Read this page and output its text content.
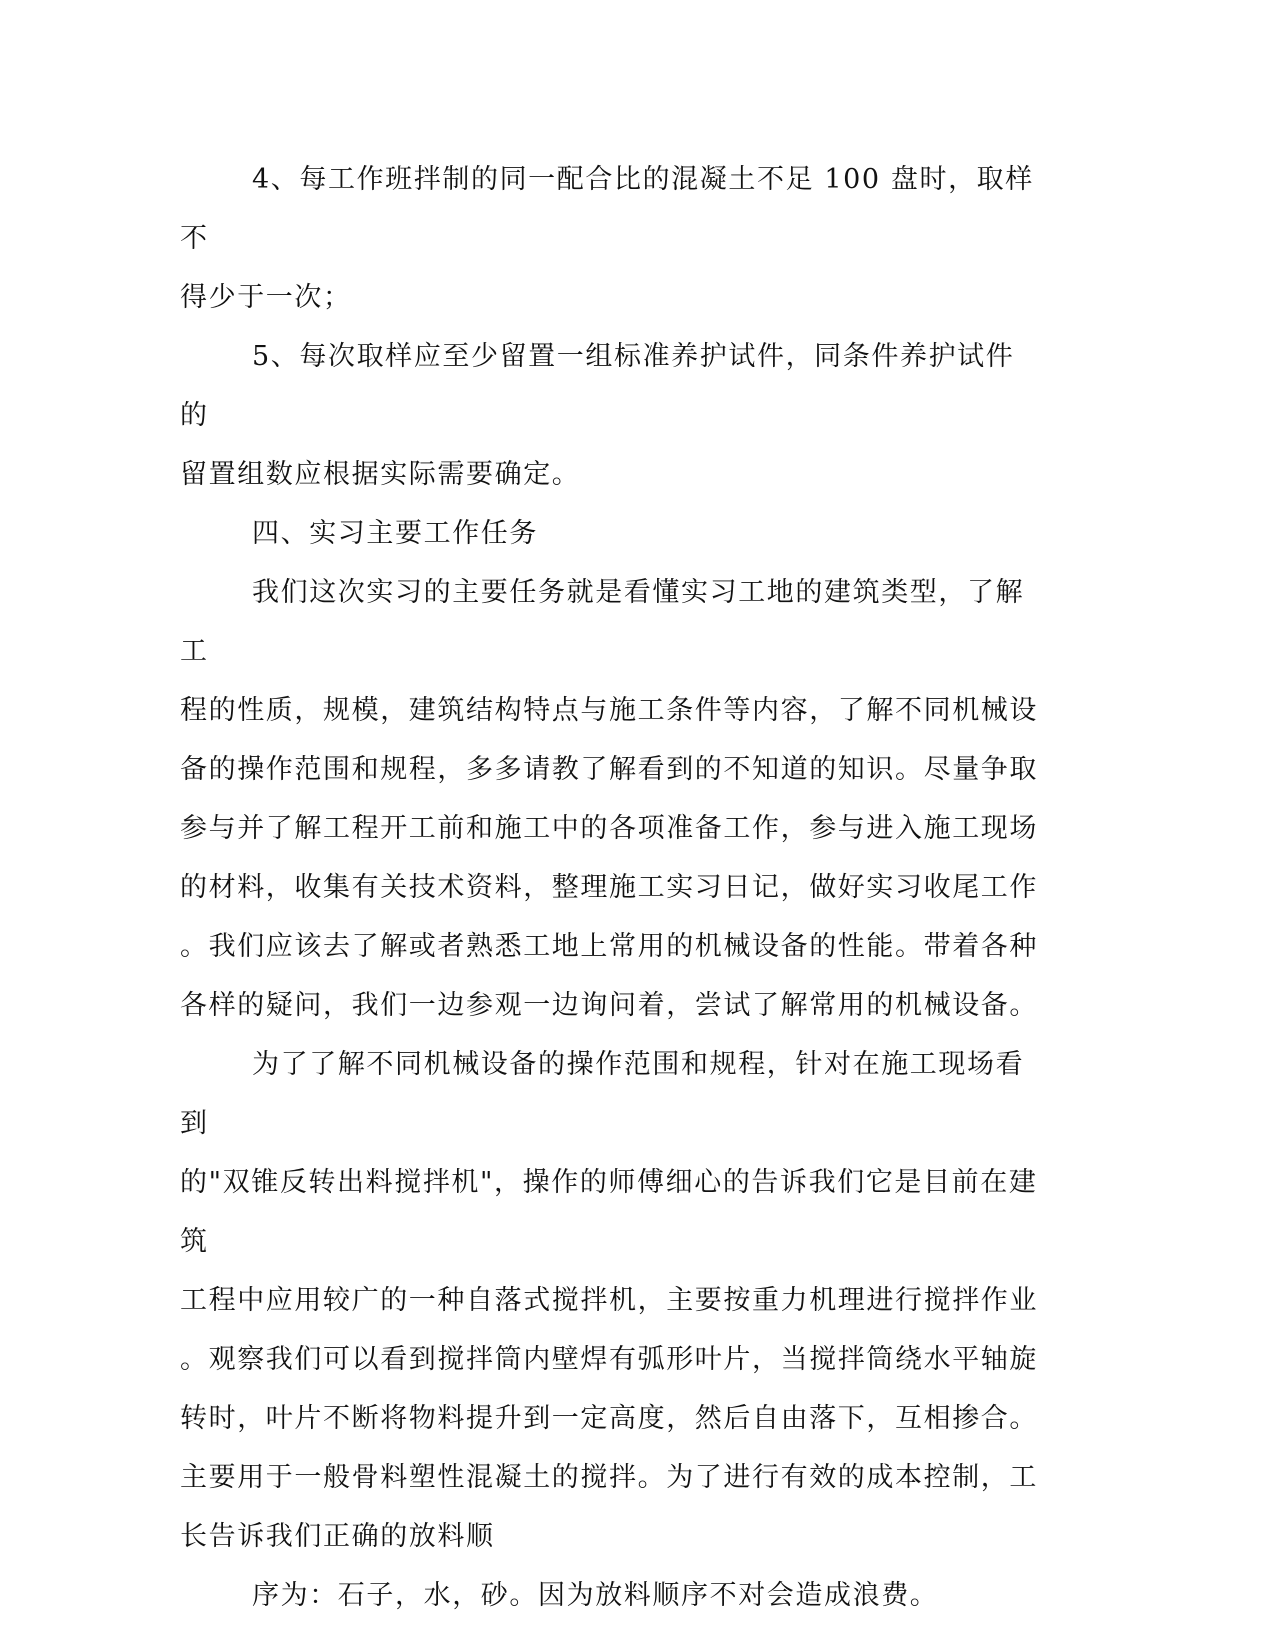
4、每工作班拌制的同一配合比的混凝土不足 100 盘时，取样不
得少于一次；

5、每次取样应至少留置一组标准养护试件，同条件养护试件的
留置组数应根据实际需要确定。

四、实习主要工作任务

我们这次实习的主要任务就是看懂实习工地的建筑类型，了解工
程的性质，规模，建筑结构特点与施工条件等内容，了解不同机械设
备的操作范围和规程，多多请教了解看到的不知道的知识。尽量争取
参与并了解工程开工前和施工中的各项准备工作，参与进入施工现场
的材料，收集有关技术资料，整理施工实习日记，做好实习收尾工作
。我们应该去了解或者熟悉工地上常用的机械设备的性能。带着各种
各样的疑问，我们一边参观一边询问着，尝试了解常用的机械设备。

为了了解不同机械设备的操作范围和规程，针对在施工现场看到
的"双锥反转出料搅拌机"，操作的师傅细心的告诉我们它是目前在建筑
工程中应用较广的一种自落式搅拌机，主要按重力机理进行搅拌作业
。观察我们可以看到搅拌筒内壁焊有弧形叶片，当搅拌筒绕水平轴旋
转时，叶片不断将物料提升到一定高度，然后自由落下，互相掺合。
主要用于一般骨料塑性混凝土的搅拌。为了进行有效的成本控制，工
长告诉我们正确的放料顺

序为：石子，水，砂。因为放料顺序不对会造成浪费。
